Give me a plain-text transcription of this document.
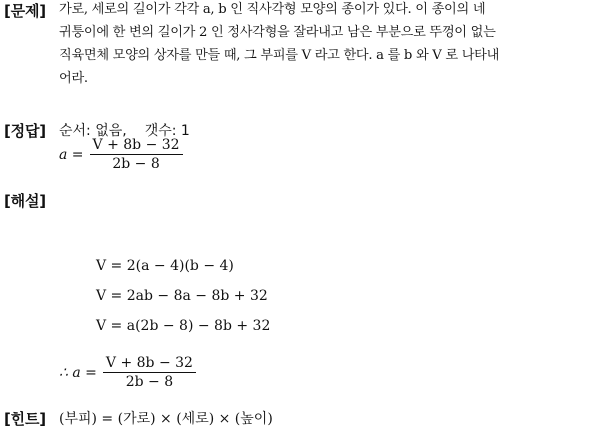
[문제]
[정답]
[해설]
[힌트]
가로, 세로의 길이가 각각 a, b 인 직사각형 모양의 종이가 있다. 이 종이의 네
귀퉁이에 한 변의 길이가 2 인 정사각형을 잘라내고 남은 부분으로 뚜껑이 없는
직육면체 모양의 상자를 만들 때, 그 부피를 V 라고 한다. a 를 b 와 V 로 나타내
어라.
순서: 없음, 갯수: 1
$a = \frac{V + 8b - 32}{2b - 8}$
V = 2(a − 4)(b − 4)
V = 2ab − 8a − 8b + 32
V = a(2b − 8) − 8b + 32
∴ $a = \frac{V + 8b - 32}{2b - 8}$
(부피) = (가로) × (세로) × (높이)
